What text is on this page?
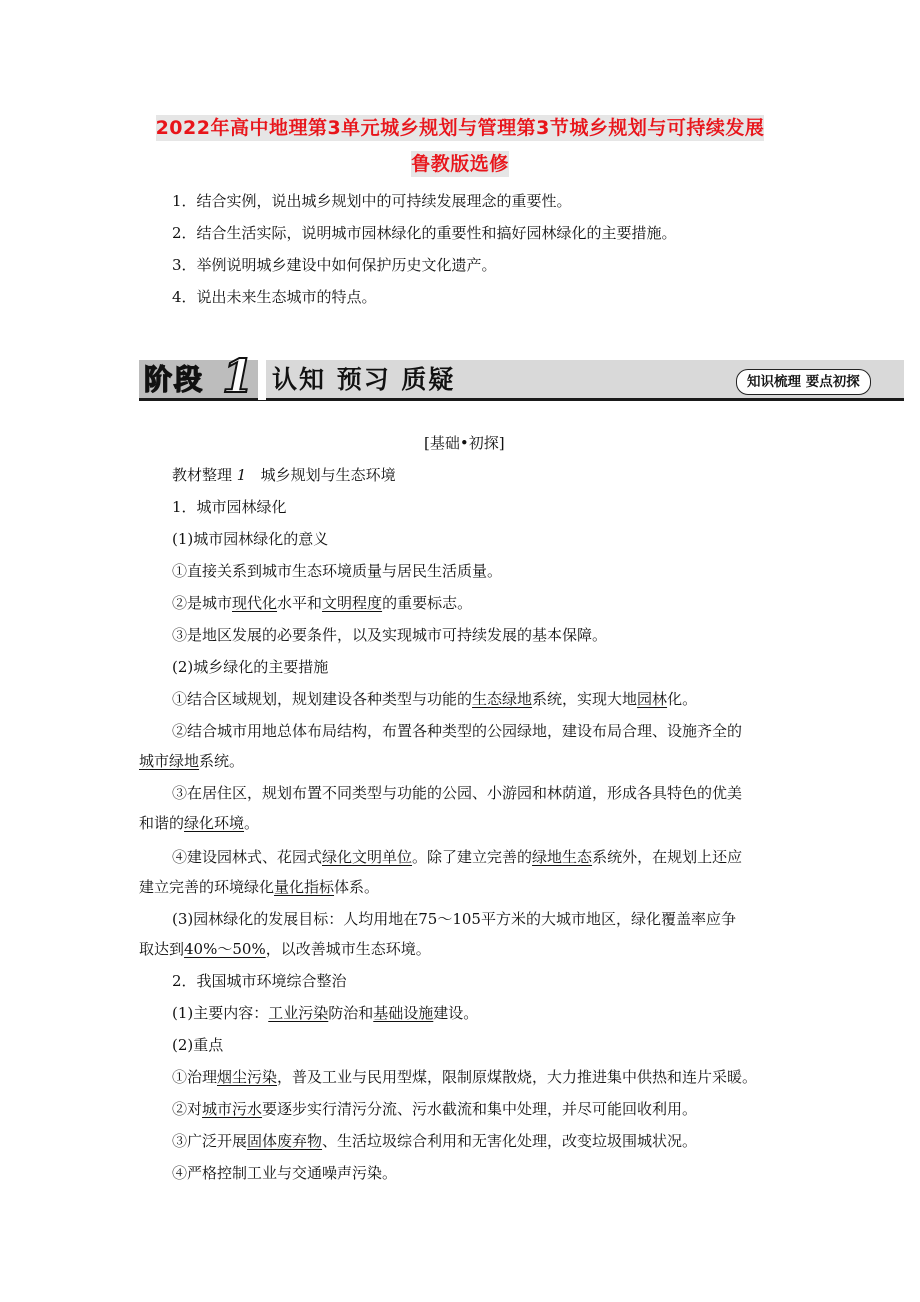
2022年高中地理第3单元城乡规划与管理第3节城乡规划与可持续发展
鲁教版选修
1．结合实例，说出城乡规划中的可持续发展理念的重要性。
2．结合生活实际，说明城市园林绿化的重要性和搞好园林绿化的主要措施。
3．举例说明城乡建设中如何保护历史文化遗产。
4．说出未来生态城市的特点。
阶段 1 认知 预习 质疑	知识梳理 要点初探
[基础•初探]
教材整理 1 城乡规划与生态环境
1．城市园林绿化
(1)城市园林绿化的意义
①直接关系到城市生态环境质量与居民生活质量。
②是城市现代化水平和文明程度的重要标志。
③是地区发展的必要条件，以及实现城市可持续发展的基本保障。
(2)城乡绿化的主要措施
①结合区域规划，规划建设各种类型与功能的生态绿地系统，实现大地园林化。
②结合城市用地总体布局结构，布置各种类型的公园绿地，建设布局合理、设施齐全的
城市绿地系统。
③在居住区，规划布置不同类型与功能的公园、小游园和林荫道，形成各具特色的优美
和谐的绿化环境。
④建设园林式、花园式绿化文明单位。除了建立完善的绿地生态系统外，在规划上还应
建立完善的环境绿化量化指标体系。
(3)园林绿化的发展目标：人均用地在75～105平方米的大城市地区，绿化覆盖率应争
取达到40%～50%，以改善城市生态环境。
2．我国城市环境综合整治
(1)主要内容：工业污染防治和基础设施建设。
(2)重点
①治理烟尘污染，普及工业与民用型煤，限制原煤散烧，大力推进集中供热和连片采暖。
②对城市污水要逐步实行清污分流、污水截流和集中处理，并尽可能回收利用。
③广泛开展固体废弃物、生活垃圾综合利用和无害化处理，改变垃圾围城状况。
④严格控制工业与交通噪声污染。
